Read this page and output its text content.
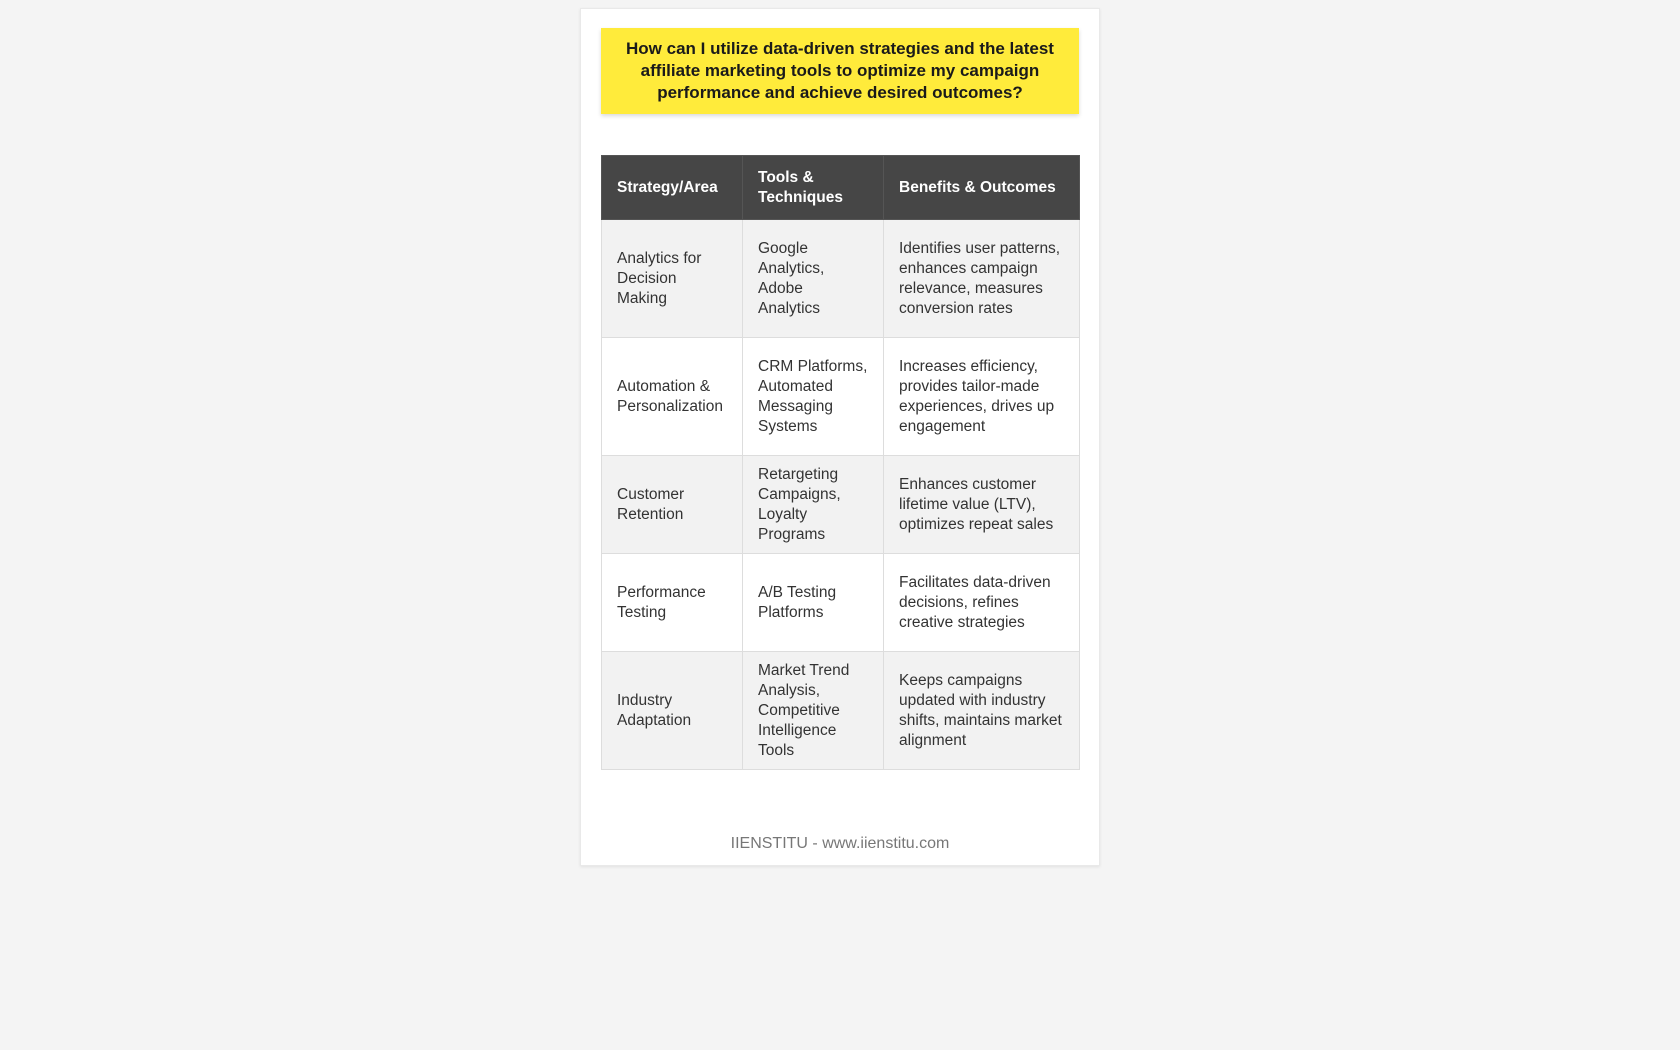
How can I utilize data-driven strategies and the latest affiliate marketing tools to optimize my campaign performance and achieve desired outcomes?

Strategy/Area	Tools & Techniques	Benefits & Outcomes
Analytics for Decision Making	Google Analytics, Adobe Analytics	Identifies user patterns, enhances campaign relevance, measures conversion rates
Automation & Personalization	CRM Platforms, Automated Messaging Systems	Increases efficiency, provides tailor-made experiences, drives up engagement
Customer Retention	Retargeting Campaigns, Loyalty Programs	Enhances customer lifetime value (LTV), optimizes repeat sales
Performance Testing	A/B Testing Platforms	Facilitates data-driven decisions, refines creative strategies
Industry Adaptation	Market Trend Analysis, Competitive Intelligence Tools	Keeps campaigns updated with industry shifts, maintains market alignment

IIENSTITU - www.iienstitu.com
